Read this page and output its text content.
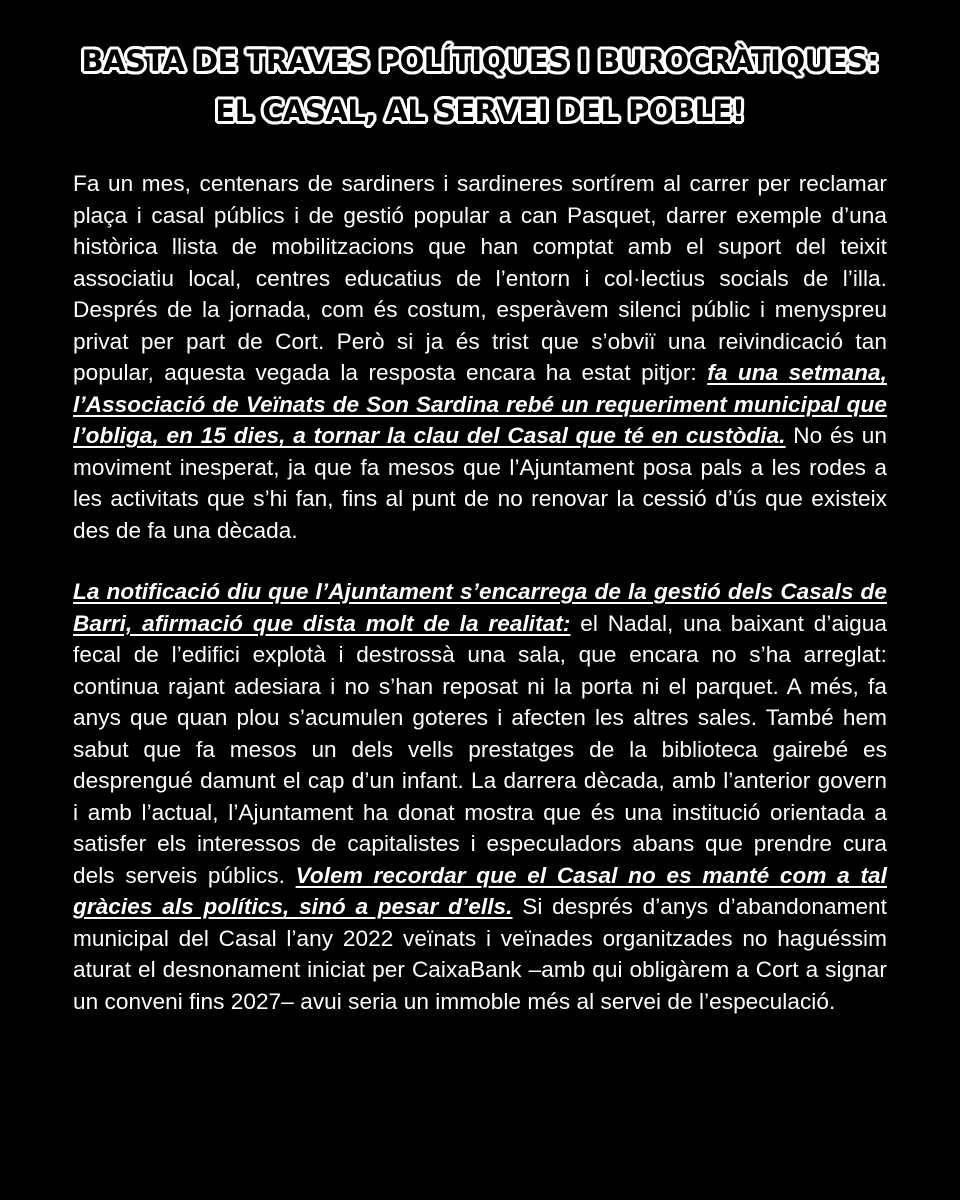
BASTA DE TRAVES POLÍTIQUES I BUROCRÀTIQUES:
EL CASAL, AL SERVEI DEL POBLE!

Fa un mes, centenars de sardiners i sardineres sortírem al carrer per reclamar plaça i casal públics i de gestió popular a can Pasquet, darrer exemple d’una històrica llista de mobilitzacions que han comptat amb el suport del teixit associatiu local, centres educatius de l’entorn i col·lectius socials de l’illa. Després de la jornada, com és costum, esperàvem silenci públic i menyspreu privat per part de Cort. Però si ja és trist que s’obviï una reivindicació tan popular, aquesta vegada la resposta encara ha estat pitjor: fa una setmana, l’Associació de Veïnats de Son Sardina rebé un requeriment municipal que l’obliga, en 15 dies, a tornar la clau del Casal que té en custòdia. No és un moviment inesperat, ja que fa mesos que l’Ajuntament posa pals a les rodes a les activitats que s’hi fan, fins al punt de no renovar la cessió d’ús que existeix des de fa una dècada.

La notificació diu que l’Ajuntament s’encarrega de la gestió dels Casals de Barri, afirmació que dista molt de la realitat: el Nadal, una baixant d’aigua fecal de l’edifici explotà i destrossà una sala, que encara no s’ha arreglat: continua rajant adesiara i no s’han reposat ni la porta ni el parquet. A més, fa anys que quan plou s’acumulen goteres i afecten les altres sales. També hem sabut que fa mesos un dels vells prestatges de la biblioteca gairebé es desprengué damunt el cap d’un infant. La darrera dècada, amb l’anterior govern i amb l’actual, l’Ajuntament ha donat mostra que és una institució orientada a satisfer els interessos de capitalistes i especuladors abans que prendre cura dels serveis públics. Volem recordar que el Casal no es manté com a tal gràcies als polítics, sinó a pesar d’ells. Si després d’anys d’abandonament municipal del Casal l’any 2022 veïnats i veïnades organitzades no haguéssim aturat el desnonament iniciat per CaixaBank –amb qui obligàrem a Cort a signar un conveni fins 2027– avui seria un immoble més al servei de l’especulació.
